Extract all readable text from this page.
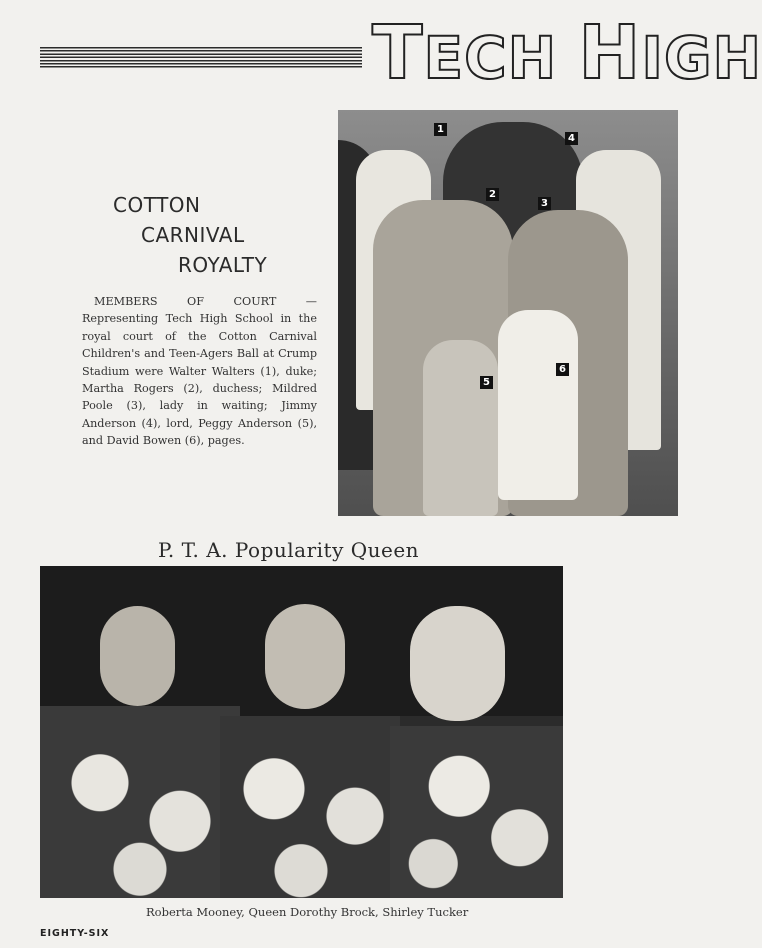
TECH HIGH
COTTON
CARNIVAL
ROYALTY
MEMBERS OF COURT — Representing Tech High School in the royal court of the Cotton Carnival Children's and Teen-Agers Ball at Crump Stadium were Walter Walters (1), duke; Martha Rogers (2), duchess; Mildred Poole (3), lady in waiting; Jimmy Anderson (4), lord, Peggy Anderson (5), and David Bowen (6), pages.
1
2
3
4
5
6
P. T. A. Popularity Queen
Roberta Mooney, Queen Dorothy Brock, Shirley Tucker
EIGHTY-SIX
